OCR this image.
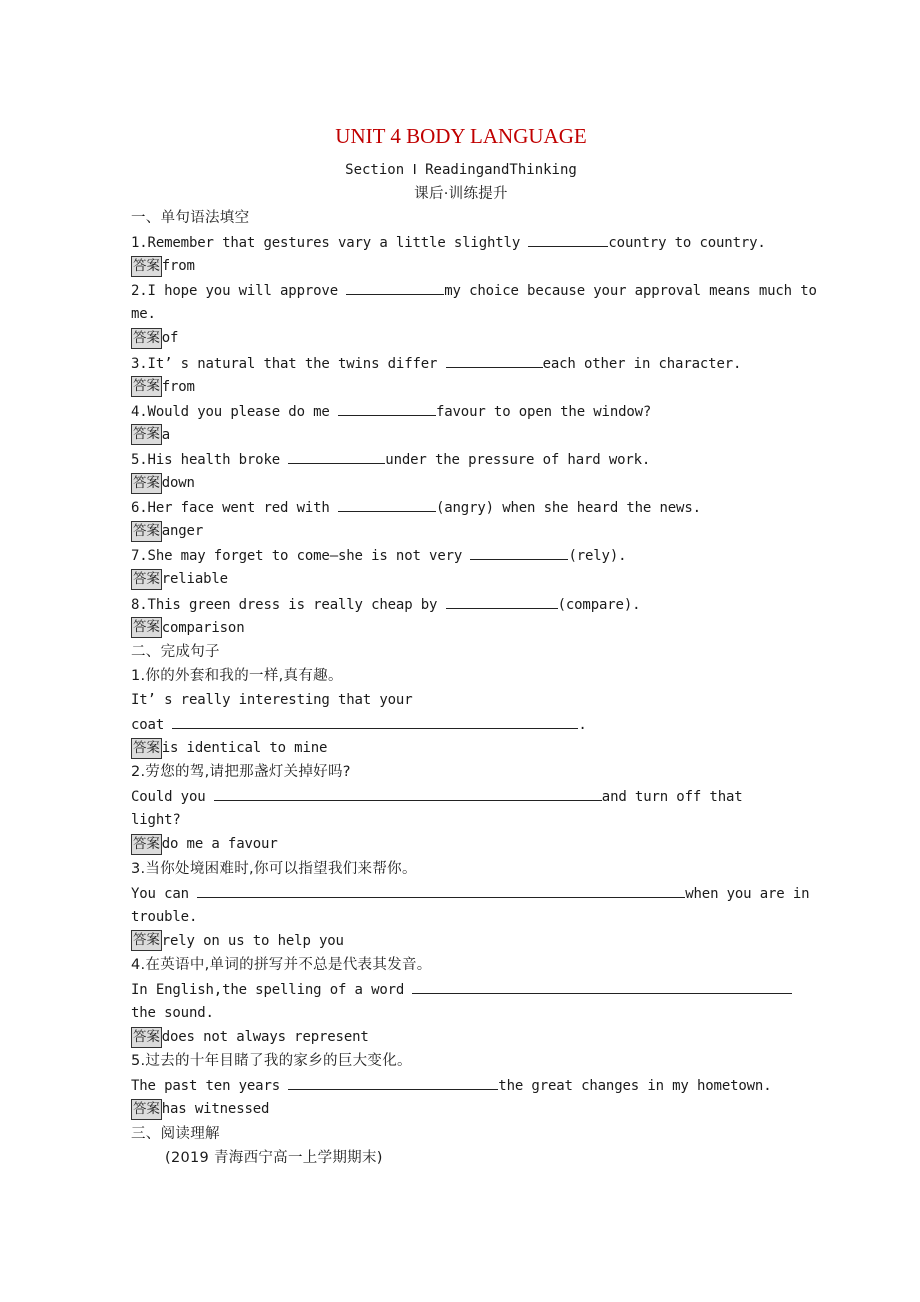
UNIT 4 BODY LANGUAGE
Section Ⅰ ReadingandThinking
课后·训练提升
一、单句语法填空
1.Remember that gestures vary a little slightly	country to country.
答案 from
2.I hope you will approve	my choice because your approval means much to
me.
答案 of
3.It’ s natural that the twins differ	each other in character.
答案 from
4.Would you please do me	favour to open the window?
答案 a
5.His health broke	under the pressure of hard work.
答案 down
6.Her face went red with	(angry) when she heard the news.
答案 anger
7.She may forget to come—she is not very	(rely).
答案 reliable
8.This green dress is really cheap by	(compare).
答案 comparison
二、完成句子
1.你的外套和我的一样,真有趣。
It’ s really interesting that your
coat	.
答案 is identical to mine
2.劳您的驾,请把那盏灯关掉好吗?
Could you	and turn off that
light?
答案 do me a favour
3.当你处境困难时,你可以指望我们来帮你。
You can	when you are in
trouble.
答案 rely on us to help you
4.在英语中,单词的拼写并不总是代表其发音。
In English,the spelling of a word
the sound.
答案 does not always represent
5.过去的十年目睹了我的家乡的巨大变化。
The past ten years	the great changes in my hometown.
答案 has witnessed
三、阅读理解
(2019 青海西宁高一上学期期末)
